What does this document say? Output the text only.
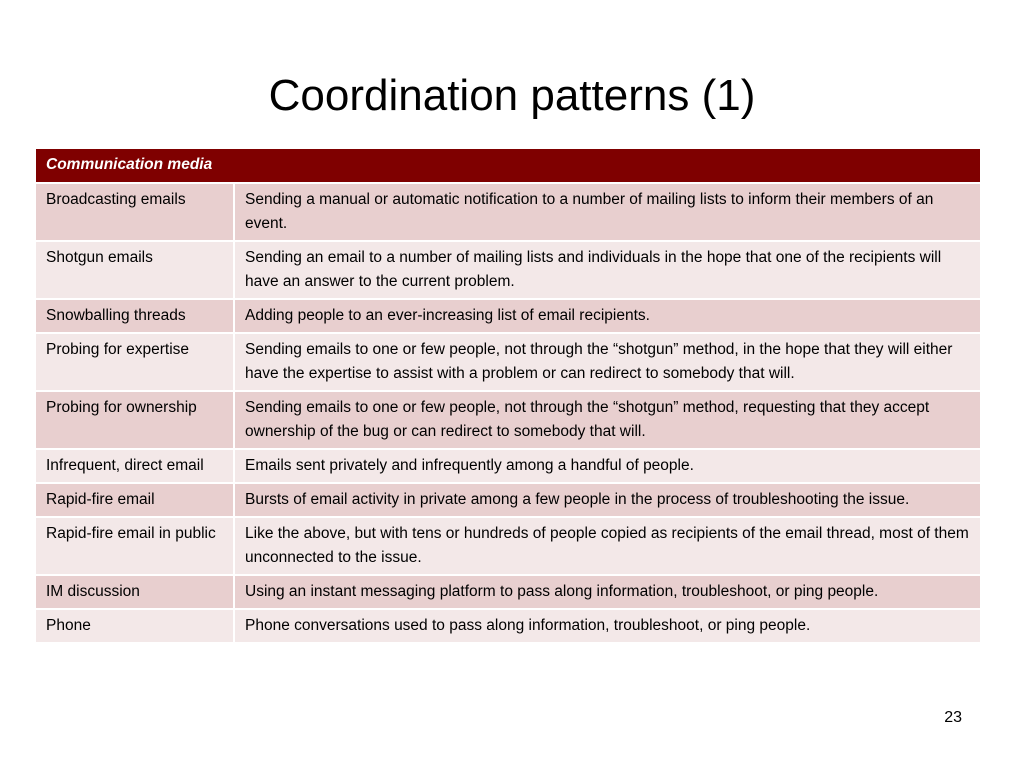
Coordination patterns (1)
Communication media	
Broadcasting emails	Sending a manual or automatic notification to a number of mailing lists to inform their members of an event.
Shotgun emails	Sending an email to a number of mailing lists and individuals in the hope that one of the recipients will have an answer to the current problem.
Snowballing threads	Adding people to an ever-increasing list of email recipients.
Probing for expertise	Sending emails to one or few people, not through the “shotgun” method, in the hope that they will either have the expertise to assist with a problem or can redirect to somebody that will.
Probing for ownership	Sending emails to one or few people, not through the “shotgun” method, requesting that they accept ownership of the bug or can redirect to somebody that will.
Infrequent, direct email	Emails sent privately and infrequently among a handful of people.
Rapid-fire email	Bursts of email activity in private among a few people in the process of troubleshooting the issue.
Rapid-fire email in public	Like the above, but with tens or hundreds of people copied as recipients of the email thread, most of them unconnected to the issue.
IM discussion	Using an instant messaging platform to pass along information, troubleshoot, or ping people.
Phone	Phone conversations used to pass along information, troubleshoot, or ping people.
23
